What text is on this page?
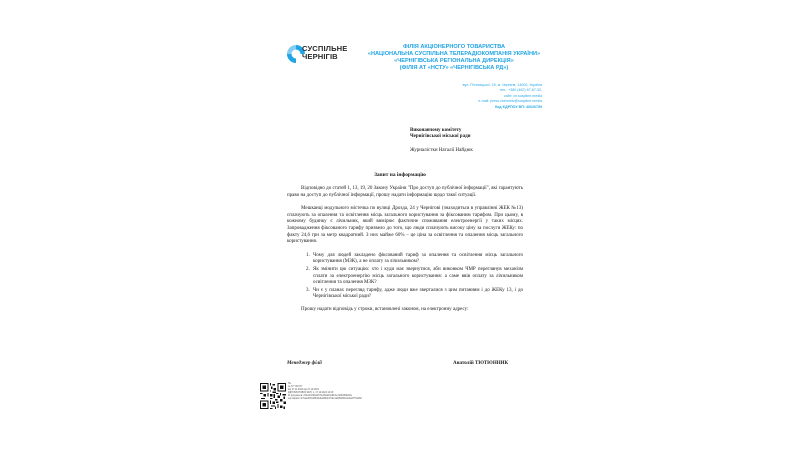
СУСПІЛЬНЕ
ЧЕРНІГІВ
ФІЛІЯ АКЦІОНЕРНОГО ТОВАРИСТВА
«НАЦІОНАЛЬНА СУСПІЛЬНА ТЕЛЕРАДІОКОМПАНІЯ УКРАЇНИ»
«ЧЕРНІГІВСЬКА РЕГІОНАЛЬНА ДИРЕКЦІЯ»
(ФІЛІЯ АТ «НСТУ» «ЧЕРНІГІВСЬКА РД»)
вул. П'ятницької, 18, м. Чернігів, 14000, Україна
тел.: +380 (462) 67-67-32,
сайт: cn.suspilne.media
e-mail: press.chernihiv@suspilne.media
Код ЄДРПОУ ВП: 40026759
Виконавчому комітету
Чернігівської міської ради
Журналістки Наталії Найдюк
Запит на інформацію

Відповідно до статей 1, 13, 19, 20 Закону України "Про доступ до публічної інформації", які гарантують право на доступ до публічної інформації, прошу надати інформацію щодо такої ситуації.

Мешканці модульного містечка по вулиці Дрозда, 24 у Чернігові (знаходиться в управлінні ЖЕК №13) сплачують за опалення та освітлення місць загального користування за фіксованим тарифом. При цьому, в кожному будинку є лічильник, який вимірює фактичне споживання електроенергії у таких місцях. Запровадження фіксованого тарифу призвело до того, що люди сплачують високу ціну за послуги ЖЕКу: по факту 24,6 грн за метр квадратний. З них майже 60% – це ціна за освітлення та опалення місць загального користування.

1. Чому для людей закладено фіксований тариф за опалення та освітлення місць загального користування (МЗК), а не оплату за лічильником?
2. Як змінити цю ситуацію: хто і куди має звернутися, аби виконком ЧМР переглянув механізм сплати за електроенергію місць загального користування: а саме ввів оплату за лічильником освітлення та опалення МЗК?
3. Чи є у планах перегляд тарифу, адже люди вже зверталися з цим питанням і до ЖЕКу 13, і до Чернігівської міської ради?

Прошу надати відповідь у строки, встановлені законом, на електронну адресу:

Менеджер філії	Анатолій ТЮТЮННИК
ТЕ
№ 67 "06"/01"
від 27.11.2024 від 27.10.2024
ЄДП ВИСНОВОК КЕП, 1, 17.10.2024 14:29
ID документа: 2b4e8c1f9a3d7c5e0b6a1f2d8c3e7a9b4f6d2c8e
сертифікат 4c7a2e9f1b3d5c8e0a6f2b4d7c9e1a3f5b8d0c2e4a6f77A8A8
